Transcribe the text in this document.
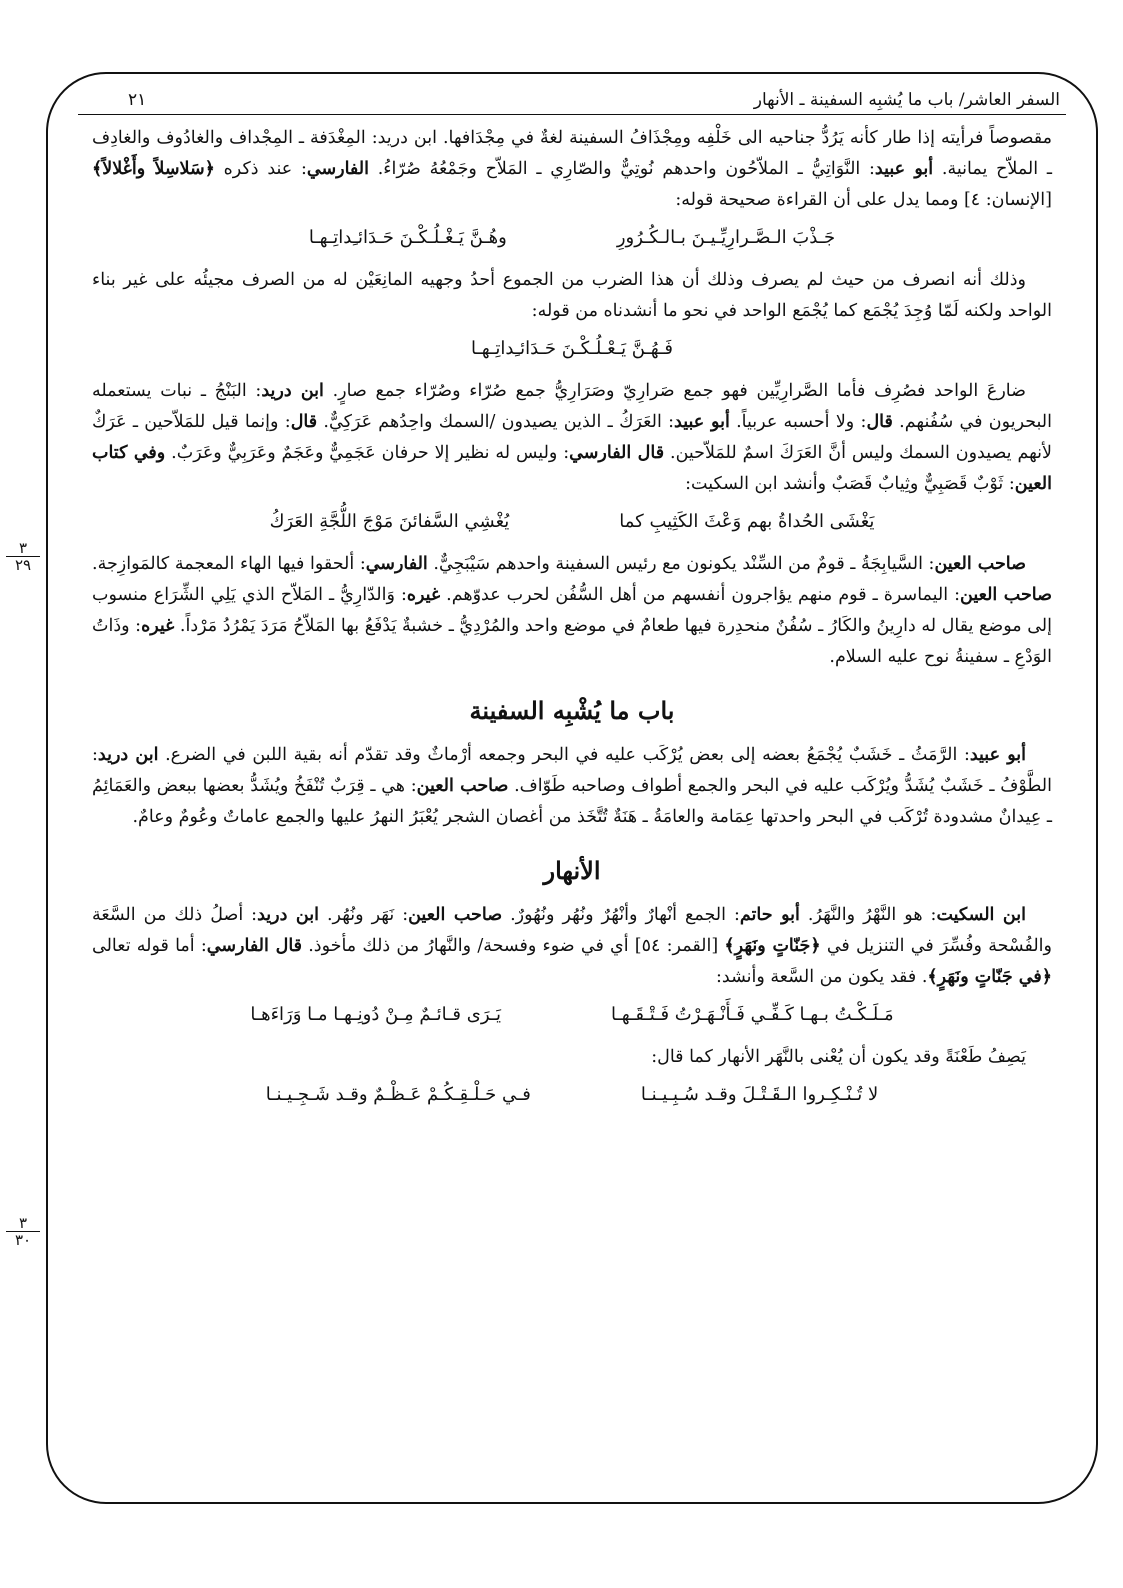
السفر العاشر/ باب ما يُشبِه السفينة ـ الأنهار
٢١

مقصوصاً فرأيته إذا طار كأنه يَرُدُّ جناحيه الى خَلْفِه ومِجْذَافُ السفينة لغةٌ في مِجْدَافها. ابن دريد: المِغْدَفة ـ المِجْداف والغادُوف والغادِف ـ الملاّح يمانية. أبو عبيد: النَّوَاتِيُّ ـ الملاّحُون واحدهم نُوتِيٌّ والصّارِي ـ المَلاّح وجَمْعُهُ صُرّاءُ. الفارسي: عند ذكره ﴿سَلاسِلاً وأَغْلالاً﴾ [الإنسان: ٤] ومما يدل على أن القراءة صحيحة قوله:

جَـذْبَ الـصَّـرارِيِّـيـنَ بـالـكُـرُورِ
وهُـنَّ يَـغْـلُـكْـنَ حَـدَائـِداتِـهـا

وذلك أنه انصرف من حيث لم يصرف وذلك أن هذا الضرب من الجموع أحدُ وجهيه المانِعَيْن له من الصرف مجيئُه على غير بناء الواحد ولكنه لَمّا وُجِدَ يُجْمَع كما يُجْمَع الواحد في نحو ما أنشدناه من قوله:

فَـهُـنَّ يَـعْـلُـكْـنَ حَـدَائـِداتِـهـا

ضارعَ الواحد فصُرِف فأما الصَّرارِيِّين فهو جمع صَرارِيّ وصَرَارِيُّ جمع صُرّاء وصُرّاء جمع صارٍ. ابن دريد: البَنْجُ ـ نبات يستعمله البحريون في سُفُنهم. قال: ولا أحسبه عربياً. أبو عبيد: العَرَكُ ـ الذين يصيدون /السمك واحِدُهم عَرَكِيٌّ. قال: وإنما قيل للمَلاّحين ـ عَرَكٌ لأنهم يصيدون السمك وليس أنَّ العَرَكَ اسمٌ للمَلاّحين. قال الفارسي: وليس له نظير إلا حرفان عَجَمِيٌّ وعَجَمٌ وعَرَبِيٌّ وعَرَبٌ. وفي كتاب العين: ثَوْبٌ قَصَبِيٌّ وثِيابٌ قَصَبٌ وأنشد ابن السكيت:

يَغْشَى الحُداةُ بهم وَعْثَ الكَثِيبِ كما
يُغْشِي السَّفائنَ مَوْجَ اللُّجَّةِ العَرَكُ

صاحب العين: السَّيابِجَةُ ـ قومٌ من السِّنْد يكونون مع رئيس السفينة واحدهم سَيْبَجِيٌّ. الفارسي: ألحقوا فيها الهاء المعجمة كالمَوازِجة. صاحب العين: اليماسرة ـ قوم منهم يؤاجرون أنفسهم من أهل السُّفُن لحرب عدوّهم. غيره: وَالدّارِيُّ ـ المَلاّح الذي يَلِي الشِّرَاع منسوب إلى موضع يقال له دارِينُ والكَارُ ـ سُفُنٌ منحدِرة فيها طعامٌ في موضع واحد والمُرْدِيُّ ـ خشبةٌ يَدْفَعُ بها المَلاّحُ مَرَدَ يَمْرُدُ مَرْداً. غيره: وذَاتُ الوَدْعِ ـ سفينةُ نوح عليه السلام.

باب ما يُشْبِه السفينة

أبو عبيد: الرَّمَثُ ـ خَشَبٌ يُجْمَعُ بعضه إلى بعض يُرْكَب عليه في البحر وجمعه أرْماثٌ وقد تقدّم أنه بقية اللبن في الضرع. ابن دريد: الطَّوْفُ ـ خَشَبٌ يُشَدُّ ويُرْكَب عليه في البحر والجمع أطواف وصاحبه طَوّاف. صاحب العين: هي ـ قِرَبٌ تُنْفَخُ ويُشَدُّ بعضها ببعض والعَمَائِمُ ـ عِيدانٌ مشدودة تُرْكَب في البحر واحدتها عِمَامة والعامَةُ ـ هَنَةٌ تُتَّخَذ من أغصان الشجر يُعْبَرُ النهرُ عليها والجمع عاماتٌ وعُومٌ وعامٌ.

الأنهار

ابن السكيت: هو النَّهْرُ والنَّهَرُ. أبو حاتم: الجمع أنْهارٌ وأنْهُرٌ ونُهُر ونُهُورٌ. صاحب العين: نَهَر ونُهُر. ابن دريد: أصلُ ذلك من السَّعَة والفُسْحة وفُسِّرَ في التنزيل في ﴿جَنّاتٍ ونَهَرٍ﴾ [القمر: ٥٤] أي في ضوء وفسحة/ والنَّهارُ من ذلك مأخوذ. قال الفارسي: أما قوله تعالى ﴿في جَنّاتٍ ونَهَرٍ﴾. فقد يكون من السَّعة وأنشد:

مَـلَـكْـتُ بـهـا كَـفِّـي فَـأَنْـهَـرْتُ فَـتْـقَـهـا
يَـرَى قـائـمٌ مِـنْ دُونِـهـا مـا وَرَاءَهـا

يَصِفُ طَعْنَةً وقد يكون أن يُعْنى بالنَّهَر الأنهار كما قال:

لا تُـنْـكِـروا الـقَـتْـلَ وقـد سُـبِـيـنـا
فـي حَـلْـقِـكُـمْ عَـظْـمٌ وقـد شَـجِـيـنـا
٣
٢٩
٣
٣٠
